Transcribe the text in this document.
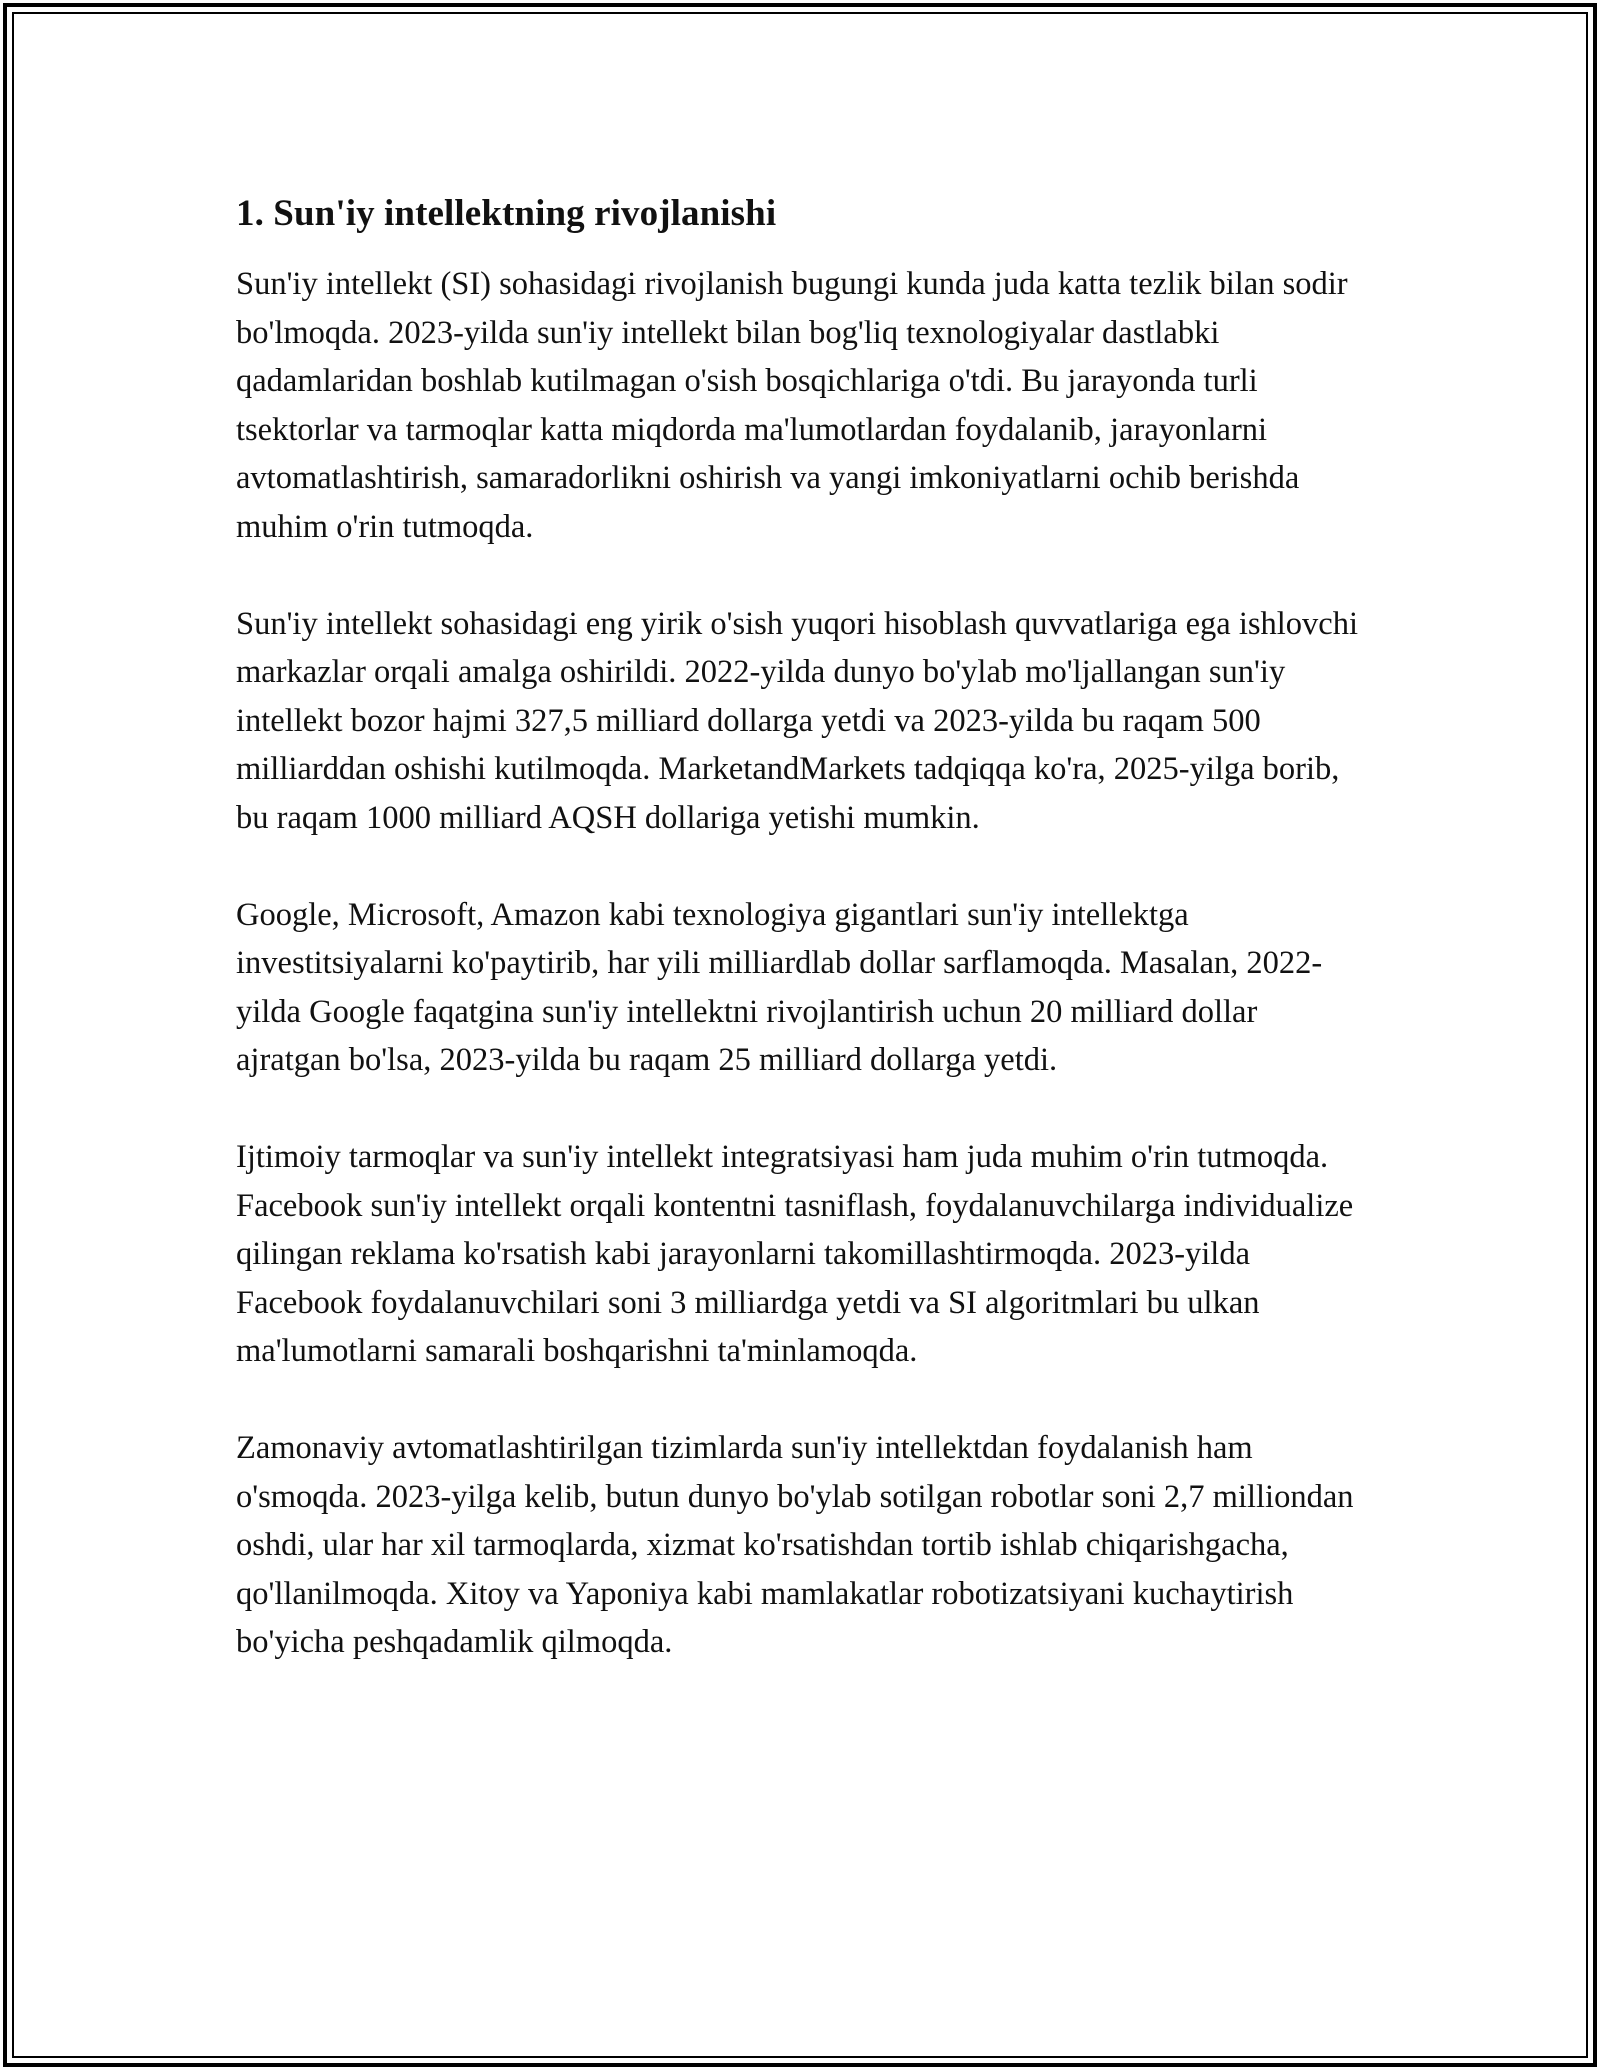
1. Sun'iy intellektning rivojlanishi

Sun'iy intellekt (SI) sohasidagi rivojlanish bugungi kunda juda katta tezlik bilan sodir bo'lmoqda. 2023-yilda sun'iy intellekt bilan bog'liq texnologiyalar dastlabki qadamlaridan boshlab kutilmagan o'sish bosqichlariga o'tdi. Bu jarayonda turli tsektorlar va tarmoqlar katta miqdorda ma'lumotlardan foydalanib, jarayonlarni avtomatlashtirish, samaradorlikni oshirish va yangi imkoniyatlarni ochib berishda muhim o'rin tutmoqda.

Sun'iy intellekt sohasidagi eng yirik o'sish yuqori hisoblash quvvatlariga ega ishlovchi markazlar orqali amalga oshirildi. 2022-yilda dunyo bo'ylab mo'ljallangan sun'iy intellekt bozor hajmi 327,5 milliard dollarga yetdi va 2023-yilda bu raqam 500 milliarddan oshishi kutilmoqda. MarketandMarkets tadqiqqa ko'ra, 2025-yilga borib, bu raqam 1000 milliard AQSH dollariga yetishi mumkin.

Google, Microsoft, Amazon kabi texnologiya gigantlari sun'iy intellektga investitsiyalarni ko'paytirib, har yili milliardlab dollar sarflamoqda. Masalan, 2022-yilda Google faqatgina sun'iy intellektni rivojlantirish uchun 20 milliard dollar ajratgan bo'lsa, 2023-yilda bu raqam 25 milliard dollarga yetdi.

Ijtimoiy tarmoqlar va sun'iy intellekt integratsiyasi ham juda muhim o'rin tutmoqda. Facebook sun'iy intellekt orqali kontentni tasniflash, foydalanuvchilarga individualize qilingan reklama ko'rsatish kabi jarayonlarni takomillashtirmoqda. 2023-yilda Facebook foydalanuvchilari soni 3 milliardga yetdi va SI algoritmlari bu ulkan ma'lumotlarni samarali boshqarishni ta'minlamoqda.

Zamonaviy avtomatlashtirilgan tizimlarda sun'iy intellektdan foydalanish ham o'smoqda. 2023-yilga kelib, butun dunyo bo'ylab sotilgan robotlar soni 2,7 milliondan oshdi, ular har xil tarmoqlarda, xizmat ko'rsatishdan tortib ishlab chiqarishgacha, qo'llanilmoqda. Xitoy va Yaponiya kabi mamlakatlar robotizatsiyani kuchaytirish bo'yicha peshqadamlik qilmoqda.
